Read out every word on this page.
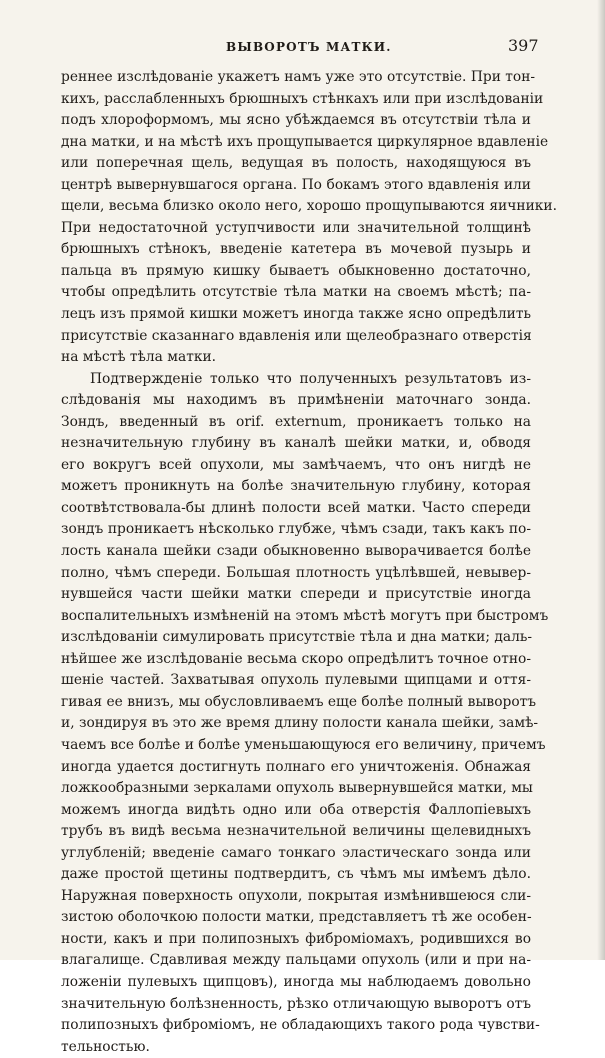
ВЫВОРОТЪ МАТКИ.	397
реннее изслѣдованіе укажетъ намъ уже это отсутствіе. При тон-
кихъ, расслабленныхъ брюшныхъ стѣнкахъ или при изслѣдованіи
подъ хлороформомъ, мы ясно убѣждаемся въ отсутствіи тѣла и
дна матки, и на мѣстѣ ихъ прощупывается циркулярное вдавленіе
или поперечная щель, ведущая въ полость, находящуюся въ
центрѣ вывернувшагося органа. По бокамъ этого вдавленія или
щели, весьма близко около него, хорошо прощупываются яичники.
При недостаточной уступчивости или значительной толщинѣ
брюшныхъ стѣнокъ, введеніе катетера въ мочевой пузырь и
пальца въ прямую кишку бываетъ обыкновенно достаточно,
чтобы опредѣлить отсутствіе тѣла матки на своемъ мѣстѣ; па-
лецъ изъ прямой кишки можетъ иногда также ясно опредѣлить
присутствіе сказаннаго вдавленія или щелеобразнаго отверстія
на мѣстѣ тѣла матки.
Подтвержденіе только что полученныхъ результатовъ из-
слѣдованія мы находимъ въ примѣненіи маточнаго зонда.
Зондъ, введенный въ orif. externum, проникаетъ только на
незначительную глубину въ каналѣ шейки матки, и, обводя
его вокругъ всей опухоли, мы замѣчаемъ, что онъ нигдѣ не
можетъ проникнуть на болѣе значительную глубину, которая
соотвѣтствовала-бы длинѣ полости всей матки. Часто спереди
зондъ проникаетъ нѣсколько глубже, чѣмъ сзади, такъ какъ по-
лость канала шейки сзади обыкновенно выворачивается болѣе
полно, чѣмъ спереди. Большая плотность уцѣлѣвшей, невывер-
нувшейся части шейки матки спереди и присутствіе иногда
воспалительныхъ измѣненій на этомъ мѣстѣ могутъ при быстромъ
изслѣдованіи симулировать присутствіе тѣла и дна матки; даль-
нѣйшее же изслѣдованіе весьма скоро опредѣлитъ точное отно-
шеніе частей. Захватывая опухоль пулевыми щипцами и оття-
гивая ее внизъ, мы обусловливаемъ еще болѣе полный выворотъ
и, зондируя въ это же время длину полости канала шейки, замѣ-
чаемъ все болѣе и болѣе уменьшающуюся его величину, причемъ
иногда удается достигнуть полнаго его уничтоженія. Обнажая
ложкообразными зеркалами опухоль вывернувшейся матки, мы
можемъ иногда видѣть одно или оба отверстія Фаллопіевыхъ
трубъ въ видѣ весьма незначительной величины щелевидныхъ
углубленій; введеніе самаго тонкаго эластическаго зонда или
даже простой щетины подтвердитъ, съ чѣмъ мы имѣемъ дѣло.
Наружная поверхность опухоли, покрытая измѣнившеюся сли-
зистою оболочкою полости матки, представляетъ тѣ же особен-
ности, какъ и при полипозныхъ фиброміомахъ, родившихся во
влагалище. Сдавливая между пальцами опухоль (или и при на-
ложеніи пулевыхъ щипцовъ), иногда мы наблюдаемъ довольно
значительную болѣзненность, рѣзко отличающую выворотъ отъ
полипозныхъ фиброміомъ, не обладающихъ такого рода чувстви-
тельностью.
